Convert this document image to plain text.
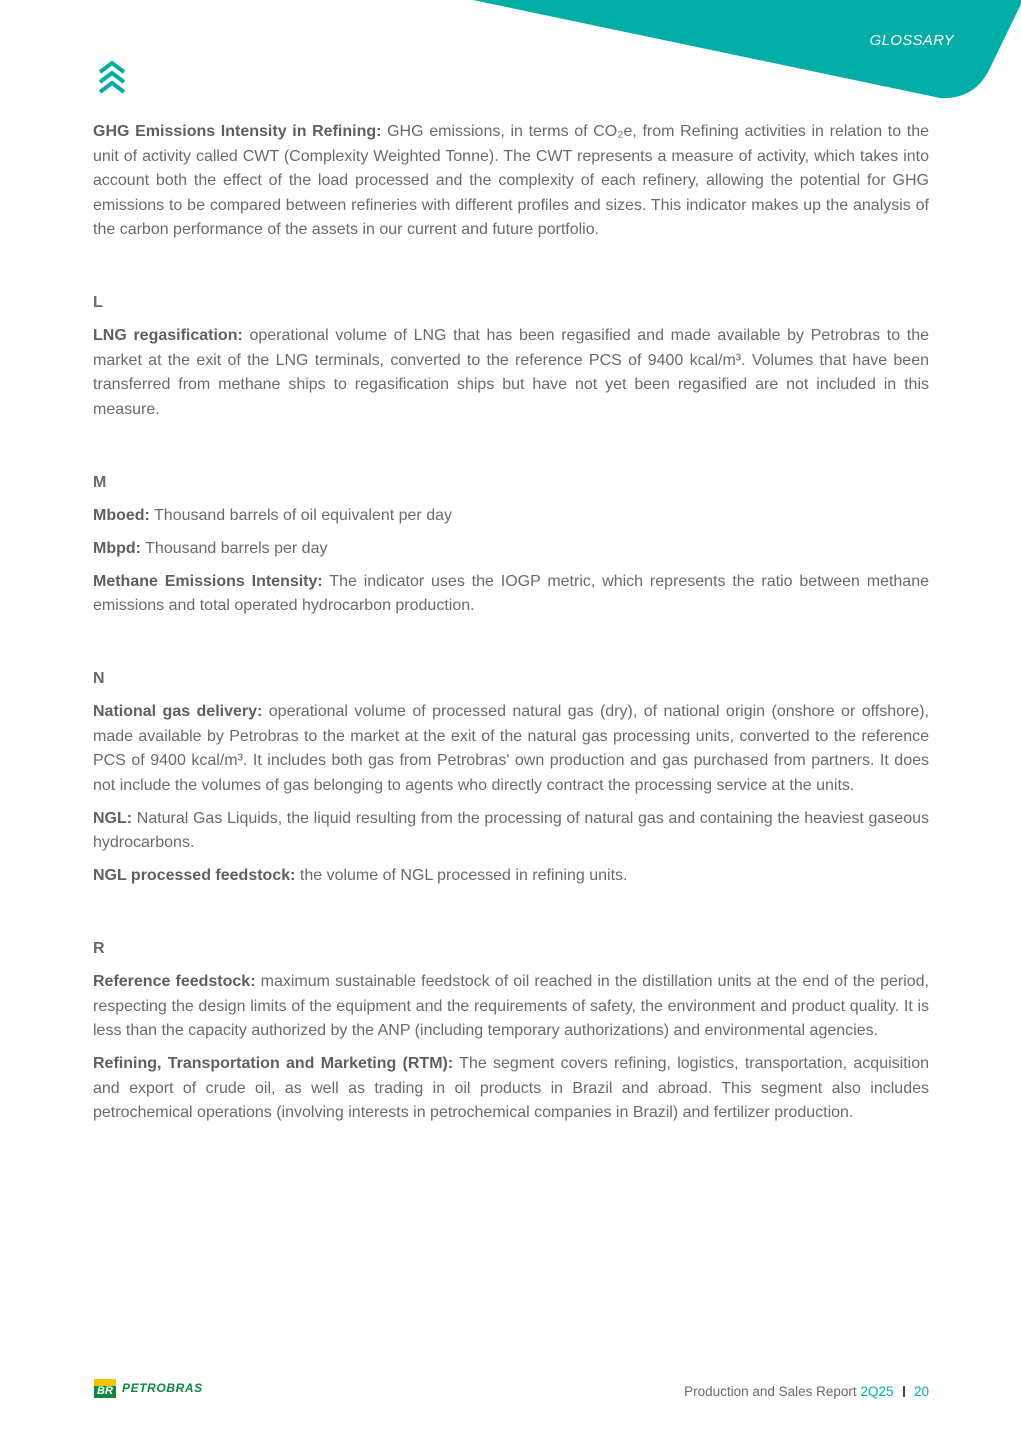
GLOSSARY

GHG Emissions Intensity in Refining: GHG emissions, in terms of CO₂e, from Refining activities in relation to the unit of activity called CWT (Complexity Weighted Tonne). The CWT represents a measure of activity, which takes into account both the effect of the load processed and the complexity of each refinery, allowing the potential for GHG emissions to be compared between refineries with different profiles and sizes. This indicator makes up the analysis of the carbon performance of the assets in our current and future portfolio.

L

LNG regasification: operational volume of LNG that has been regasified and made available by Petrobras to the market at the exit of the LNG terminals, converted to the reference PCS of 9400 kcal/m³. Volumes that have been transferred from methane ships to regasification ships but have not yet been regasified are not included in this measure.

M

Mboed: Thousand barrels of oil equivalent per day

Mbpd: Thousand barrels per day

Methane Emissions Intensity: The indicator uses the IOGP metric, which represents the ratio between methane emissions and total operated hydrocarbon production.

N

National gas delivery: operational volume of processed natural gas (dry), of national origin (onshore or offshore), made available by Petrobras to the market at the exit of the natural gas processing units, converted to the reference PCS of 9400 kcal/m³. It includes both gas from Petrobras' own production and gas purchased from partners. It does not include the volumes of gas belonging to agents who directly contract the processing service at the units.

NGL: Natural Gas Liquids, the liquid resulting from the processing of natural gas and containing the heaviest gaseous hydrocarbons.

NGL processed feedstock: the volume of NGL processed in refining units.

R

Reference feedstock: maximum sustainable feedstock of oil reached in the distillation units at the end of the period, respecting the design limits of the equipment and the requirements of safety, the environment and product quality. It is less than the capacity authorized by the ANP (including temporary authorizations) and environmental agencies.

Refining, Transportation and Marketing (RTM): The segment covers refining, logistics, transportation, acquisition and export of crude oil, as well as trading in oil products in Brazil and abroad. This segment also includes petrochemical operations (involving interests in petrochemical companies in Brazil) and fertilizer production.

BR PETROBRAS	Production and Sales Report
2Q25 20
